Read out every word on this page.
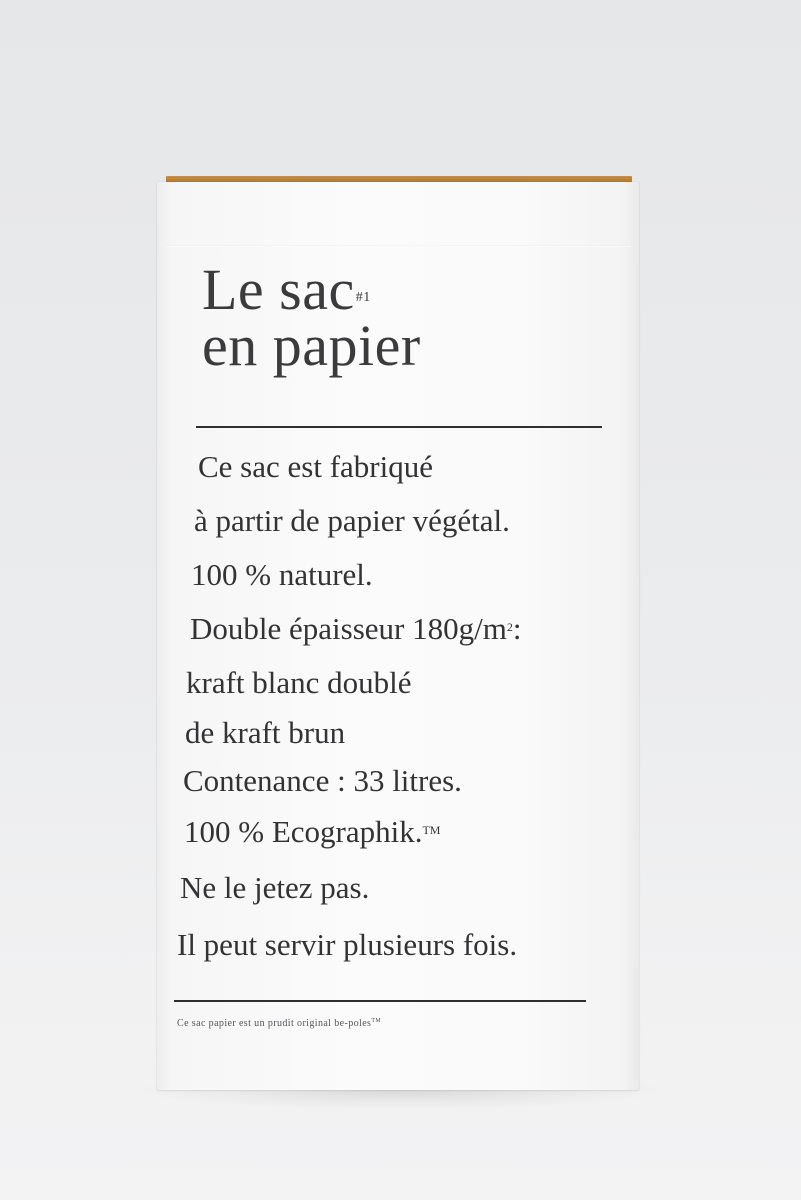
Le sac$^{\#1}$
en papier
Ce sac est fabriqué
à partir de papier végétal.
100 % naturel.
Double épaisseur $180g/m^2$:
kraft blanc doublé
de kraft brun
Contenance : 33 litres.
100 % Ecographik.™
Ne le jetez pas.
Il peut servir plusieurs fois.
Ce sac papier est un prudit original be-poles™
